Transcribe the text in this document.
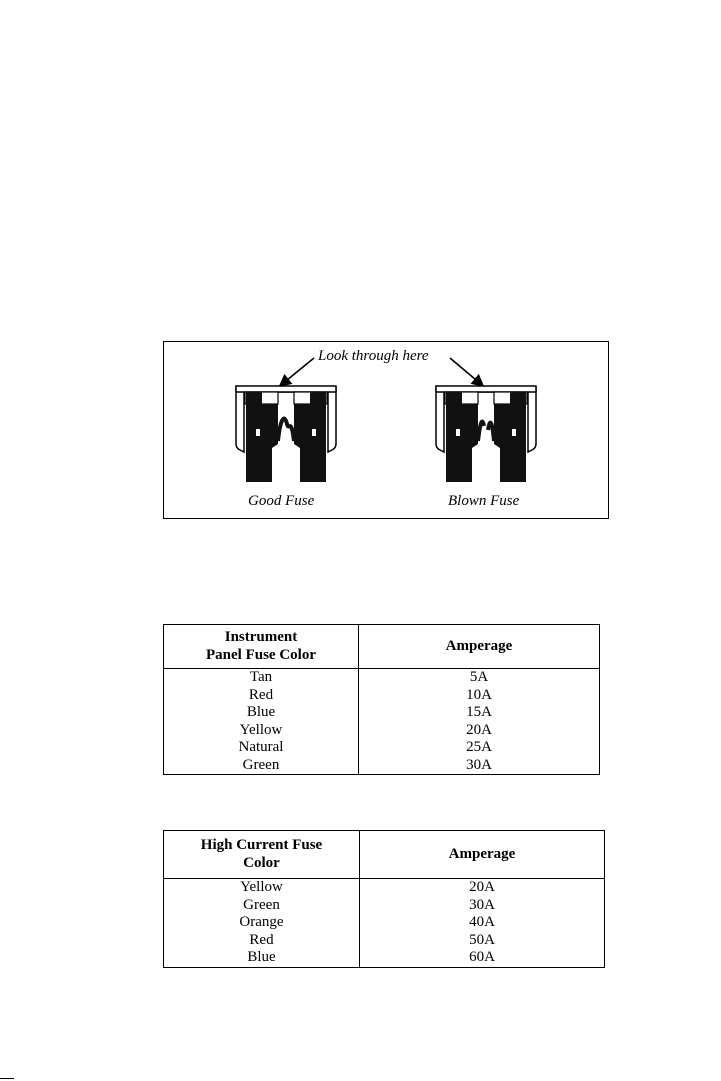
Look through here
Good Fuse	Blown Fuse
Instrument
Panel Fuse Color	Amperage
Tan	5A
Red	10A
Blue	15A
Yellow	20A
Natural	25A
Green	30A
High Current Fuse
Color	Amperage
Yellow	20A
Green	30A
Orange	40A
Red	50A
Blue	60A
